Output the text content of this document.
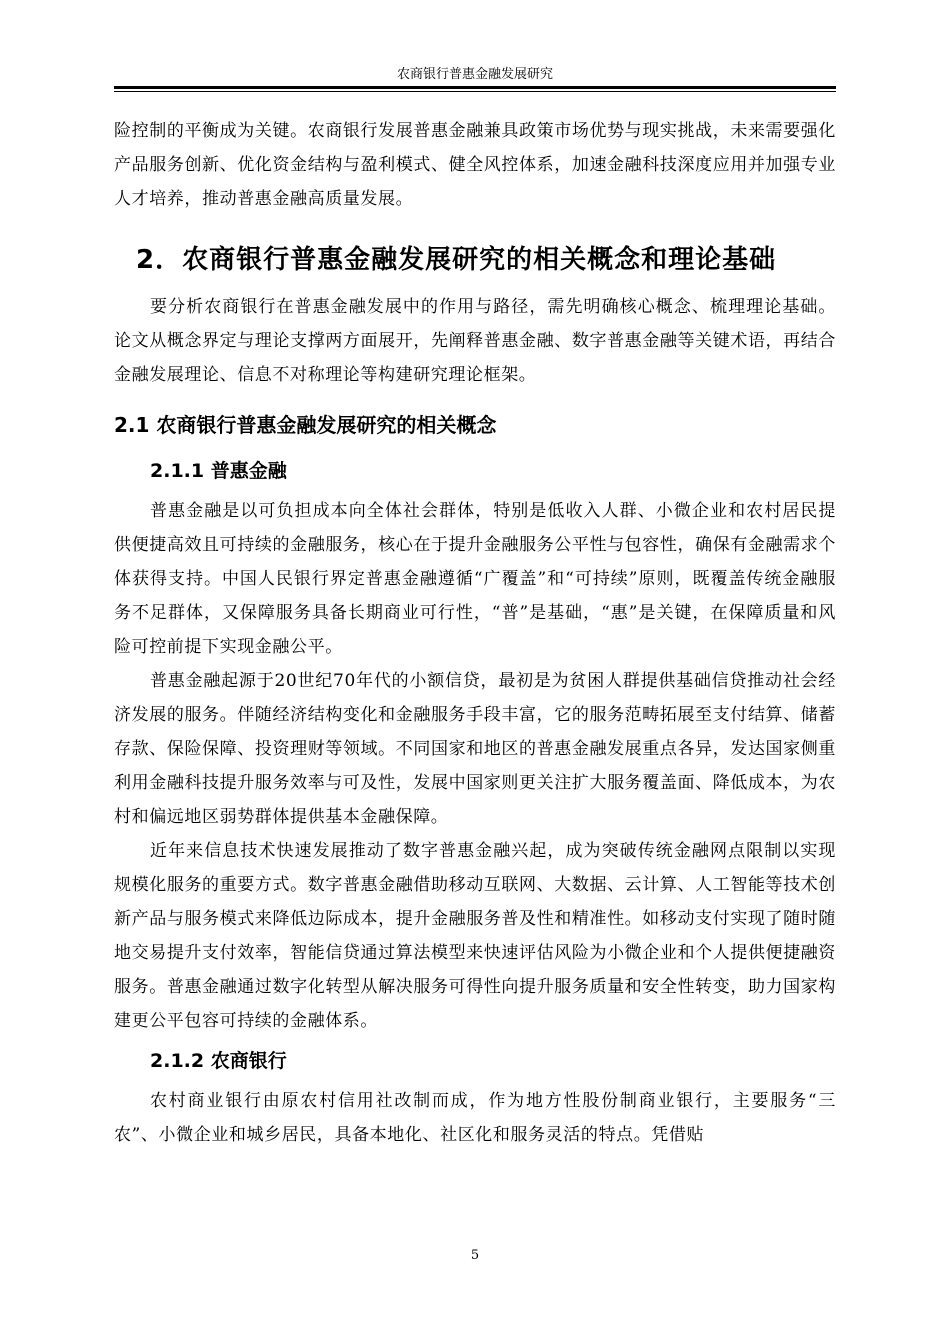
农商银行普惠金融发展研究

险控制的平衡成为关键。农商银行发展普惠金融兼具政策市场优势与现实挑战，未来需要强化产品服务创新、优化资金结构与盈利模式、健全风控体系，加速金融科技深度应用并加强专业人才培养，推动普惠金融高质量发展。

2．农商银行普惠金融发展研究的相关概念和理论基础

要分析农商银行在普惠金融发展中的作用与路径，需先明确核心概念、梳理理论基础。论文从概念界定与理论支撑两方面展开，先阐释普惠金融、数字普惠金融等关键术语，再结合金融发展理论、信息不对称理论等构建研究理论框架。

2.1 农商银行普惠金融发展研究的相关概念
2.1.1 普惠金融

普惠金融是以可负担成本向全体社会群体，特别是低收入人群、小微企业和农村居民提供便捷高效且可持续的金融服务，核心在于提升金融服务公平性与包容性，确保有金融需求个体获得支持。中国人民银行界定普惠金融遵循“广覆盖”和“可持续”原则，既覆盖传统金融服务不足群体，又保障服务具备长期商业可行性，“普”是基础，“惠”是关键，在保障质量和风险可控前提下实现金融公平。

普惠金融起源于20世纪70年代的小额信贷，最初是为贫困人群提供基础信贷推动社会经济发展的服务。伴随经济结构变化和金融服务手段丰富，它的服务范畴拓展至支付结算、储蓄存款、保险保障、投资理财等领域。不同国家和地区的普惠金融发展重点各异，发达国家侧重利用金融科技提升服务效率与可及性，发展中国家则更关注扩大服务覆盖面、降低成本，为农村和偏远地区弱势群体提供基本金融保障。

近年来信息技术快速发展推动了数字普惠金融兴起，成为突破传统金融网点限制以实现规模化服务的重要方式。数字普惠金融借助移动互联网、大数据、云计算、人工智能等技术创新产品与服务模式来降低边际成本，提升金融服务普及性和精准性。如移动支付实现了随时随地交易提升支付效率，智能信贷通过算法模型来快速评估风险为小微企业和个人提供便捷融资服务。普惠金融通过数字化转型从解决服务可得性向提升服务质量和安全性转变，助力国家构建更公平包容可持续的金融体系。

2.1.2 农商银行

农村商业银行由原农村信用社改制而成，作为地方性股份制商业银行，主要服务“三农”、小微企业和城乡居民，具备本地化、社区化和服务灵活的特点。凭借贴

5
